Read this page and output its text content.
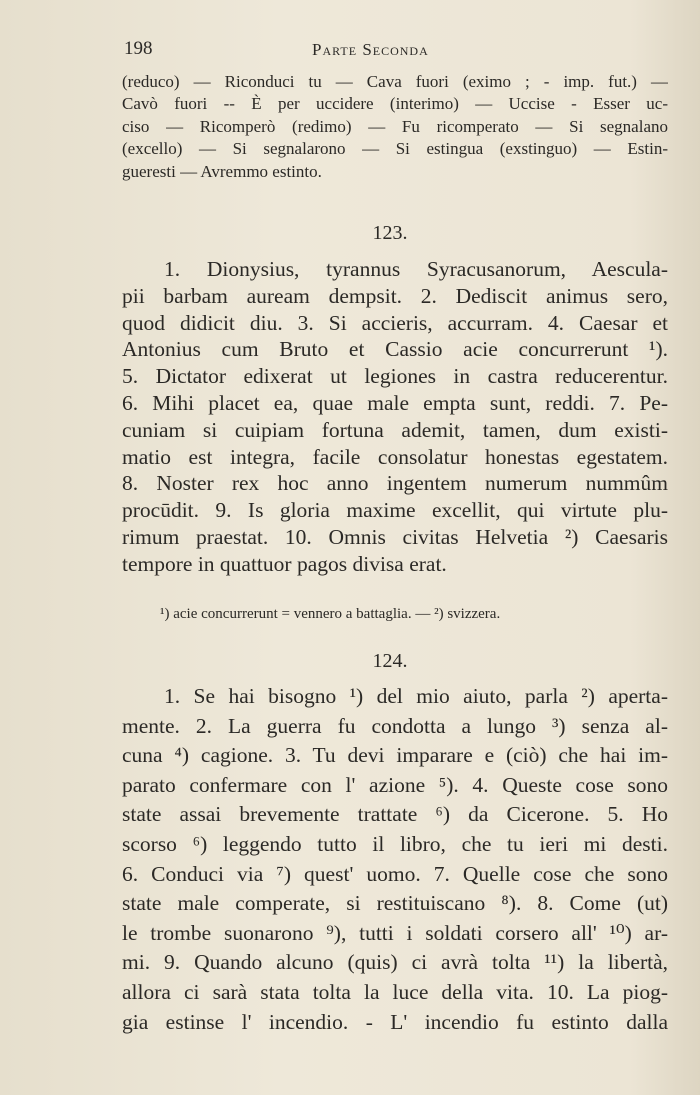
198	Parte Seconda
(reduco) — Riconduci tu — Cava fuori (eximo ; - imp. fut.) —
Cavò fuori -- È per uccidere (interimo) — Uccise - Esser uc-
ciso — Ricomperò (redimo) — Fu ricomperato — Si segnalano
(excello) — Si segnalarono — Si estingua (exstinguo) — Estin-
gueresti — Avremmo estinto.
123.
1. Dionysius, tyrannus Syracusanorum, Aescula-
pii barbam auream dempsit. 2. Dediscit animus sero,
quod didicit diu. 3. Si accieris, accurram. 4. Caesar et
Antonius cum Bruto et Cassio acie concurrerunt ¹).
5. Dictator edixerat ut legiones in castra reducerentur.
6. Mihi placet ea, quae male empta sunt, reddi. 7. Pe-
cuniam si cuipiam fortuna ademit, tamen, dum existi-
matio est integra, facile consolatur honestas egestatem.
8. Noster rex hoc anno ingentem numerum nummûm
procūdit. 9. Is gloria maxime excellit, qui virtute plu-
rimum praestat. 10. Omnis civitas Helvetia ²) Caesaris
tempore in quattuor pagos divisa erat.
¹) acie concurrerunt = vennero a battaglia. — ²) svizzera.
124.
1. Se hai bisogno ¹) del mio aiuto, parla ²) aperta-
mente. 2. La guerra fu condotta a lungo ³) senza al-
cuna ⁴) cagione. 3. Tu devi imparare e (ciò) che hai im-
parato confermare con l' azione ⁵). 4. Queste cose sono
state assai brevemente trattate ⁶) da Cicerone. 5. Ho
scorso ⁶) leggendo tutto il libro, che tu ieri mi desti.
6. Conduci via ⁷) quest' uomo. 7. Quelle cose che sono
state male comperate, si restituiscano ⁸). 8. Come (ut)
le trombe suonarono ⁹), tutti i soldati corsero all' ¹⁰) ar-
mi. 9. Quando alcuno (quis) ci avrà tolta ¹¹) la libertà,
allora ci sarà stata tolta la luce della vita. 10. La piog-
gia estinse l' incendio. - L' incendio fu estinto dalla
